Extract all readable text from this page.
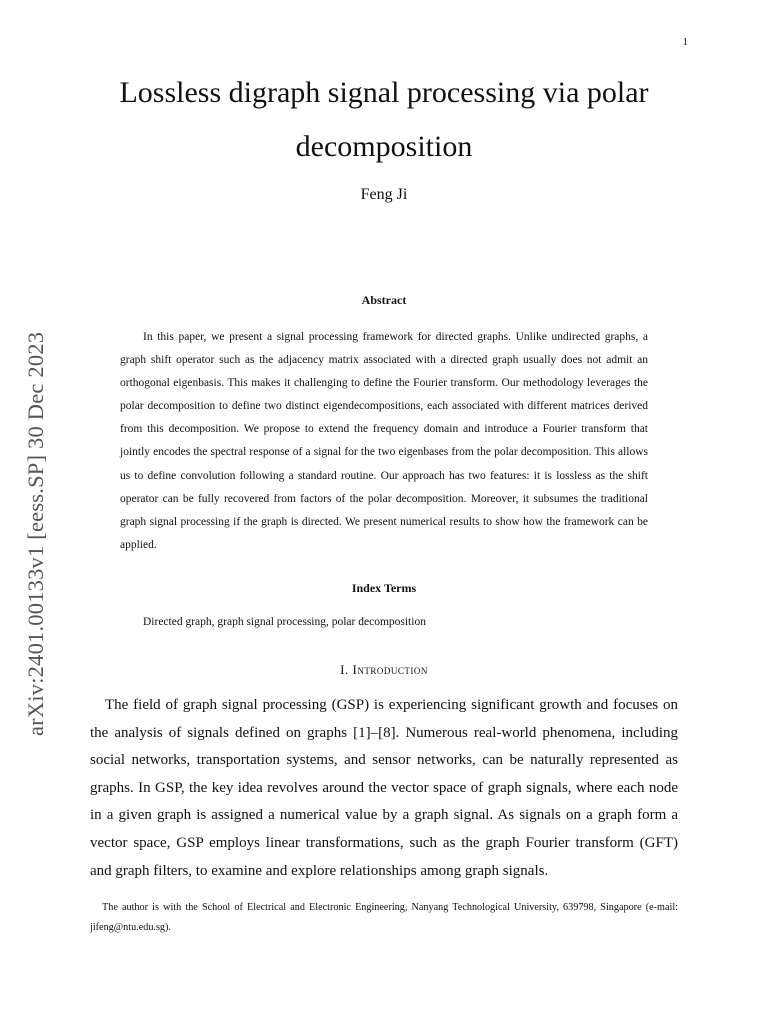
1
arXiv:2401.00133v1 [eess.SP] 30 Dec 2023
Lossless digraph signal processing via polar decomposition
Feng Ji
Abstract

In this paper, we present a signal processing framework for directed graphs. Unlike undirected graphs, a graph shift operator such as the adjacency matrix associated with a directed graph usually does not admit an orthogonal eigenbasis. This makes it challenging to define the Fourier transform. Our methodology leverages the polar decomposition to define two distinct eigendecompositions, each associated with different matrices derived from this decomposition. We propose to extend the frequency domain and introduce a Fourier transform that jointly encodes the spectral response of a signal for the two eigenbases from the polar decomposition. This allows us to define convolution following a standard routine. Our approach has two features: it is lossless as the shift operator can be fully recovered from factors of the polar decomposition. Moreover, it subsumes the traditional graph signal processing if the graph is directed. We present numerical results to show how the framework can be applied.

Index Terms
Directed graph, graph signal processing, polar decomposition
I. Introduction

The field of graph signal processing (GSP) is experiencing significant growth and focuses on the analysis of signals defined on graphs [1]–[8]. Numerous real-world phenomena, including social networks, transportation systems, and sensor networks, can be naturally represented as graphs. In GSP, the key idea revolves around the vector space of graph signals, where each node in a given graph is assigned a numerical value by a graph signal. As signals on a graph form a vector space, GSP employs linear transformations, such as the graph Fourier transform (GFT) and graph filters, to examine and explore relationships among graph signals.

The author is with the School of Electrical and Electronic Engineering, Nanyang Technological University, 639798, Singapore (e-mail: jifeng@ntu.edu.sg).
